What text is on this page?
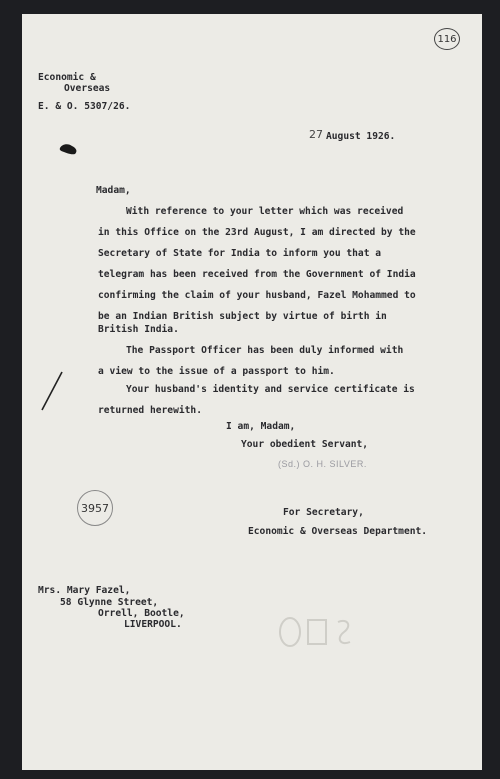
116
Economic &
Overseas
E. & O. 5307/26.
27 August 1926.
Madam,
With reference to your letter which was received
in this Office on the 23rd August, I am directed by the
Secretary of State for India to inform you that a
telegram has been received from the Government of India
confirming the claim of your husband, Fazel Mohammed to
be an Indian British subject by virtue of birth in
British India.
The Passport Officer has been duly informed with
a view to the issue of a passport to him.
Your husband's identity and service certificate is
returned herewith.
I am, Madam,
Your obedient Servant,
(Sd.) O. H. SILVER.
3957	For Secretary,
Economic & Overseas Department.
Mrs. Mary Fazel,
58 Glynne Street,
Orrell, Bootle,
LIVERPOOL.
